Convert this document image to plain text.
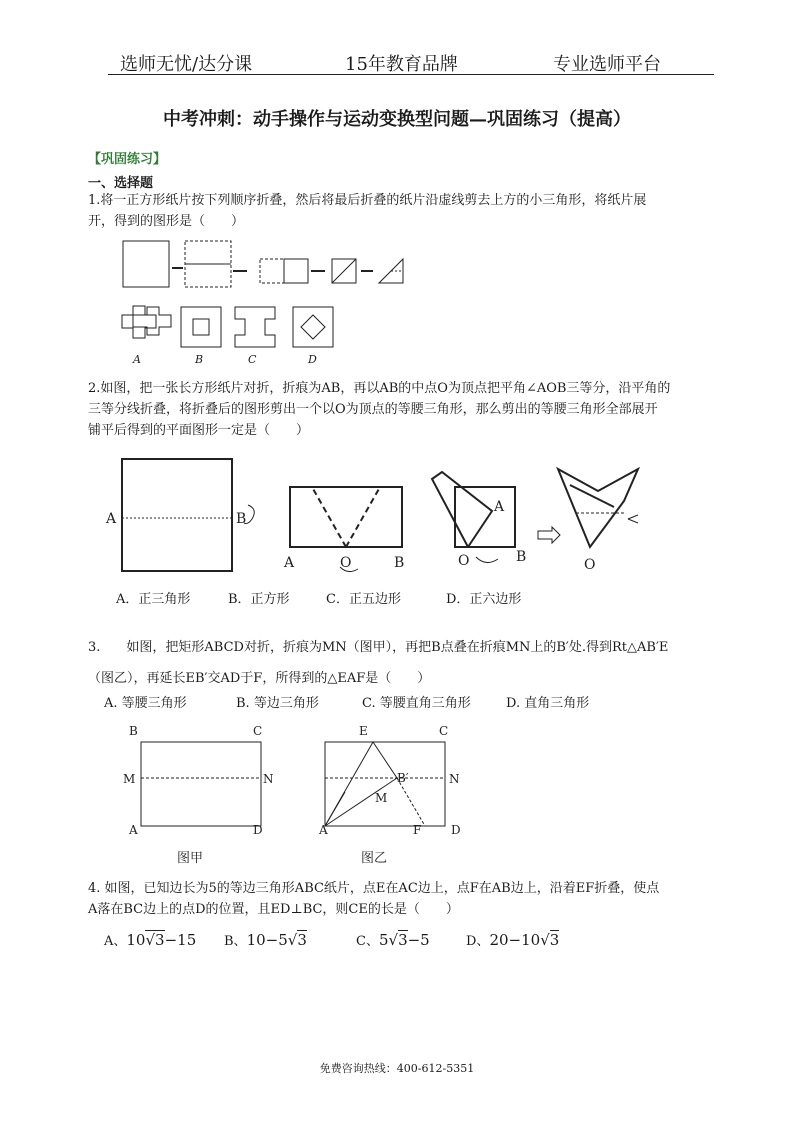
选师无忧/达分课	15年教育品牌	专业选师平台
中考冲刺：动手操作与运动变换型问题—巩固练习（提高）
【巩固练习】
一、选择题
1.将一正方形纸片按下列顺序折叠，然后将最后折叠的纸片沿虚线剪去上方的小三角形，将纸片展
开，得到的图形是（　　）
A	B	C	D
2.如图，把一张长方形纸片对折，折痕为AB，再以AB的中点O为顶点把平角∠AOB三等分，沿平角的
三等分线折叠，将折叠后的图形剪出一个以O为顶点的等腰三角形，那么剪出的等腰三角形全部展开
铺平后得到的平面图形一定是（　　）
A	B
A	O	B
A
O	B	O
A．正三角形	B．正方形	C．正五边形	D．正六边形
3.　　如图，把矩形ABCD对折，折痕为MN（图甲），再把B点叠在折痕MN上的B′处.得到Rt△AB′E
（图乙），再延长EB′交AD于F，所得到的△EAF是（　　）
A. 等腰三角形	B. 等边三角形	C. 等腰直角三角形	D. 直角三角形
B	C
M	N
A	D
图甲
E	C
B′	N
M
A	F D
图乙
4. 如图，已知边长为5的等边三角形ABC纸片，点E在AC边上，点F在AB边上，沿着EF折叠，使点
A落在BC边上的点D的位置，且ED⊥BC，则CE的长是（　　）
A、10√3−15 B、10−5√3	C、5√3−5	D、20−10√3
免费咨询热线：400-612-5351
